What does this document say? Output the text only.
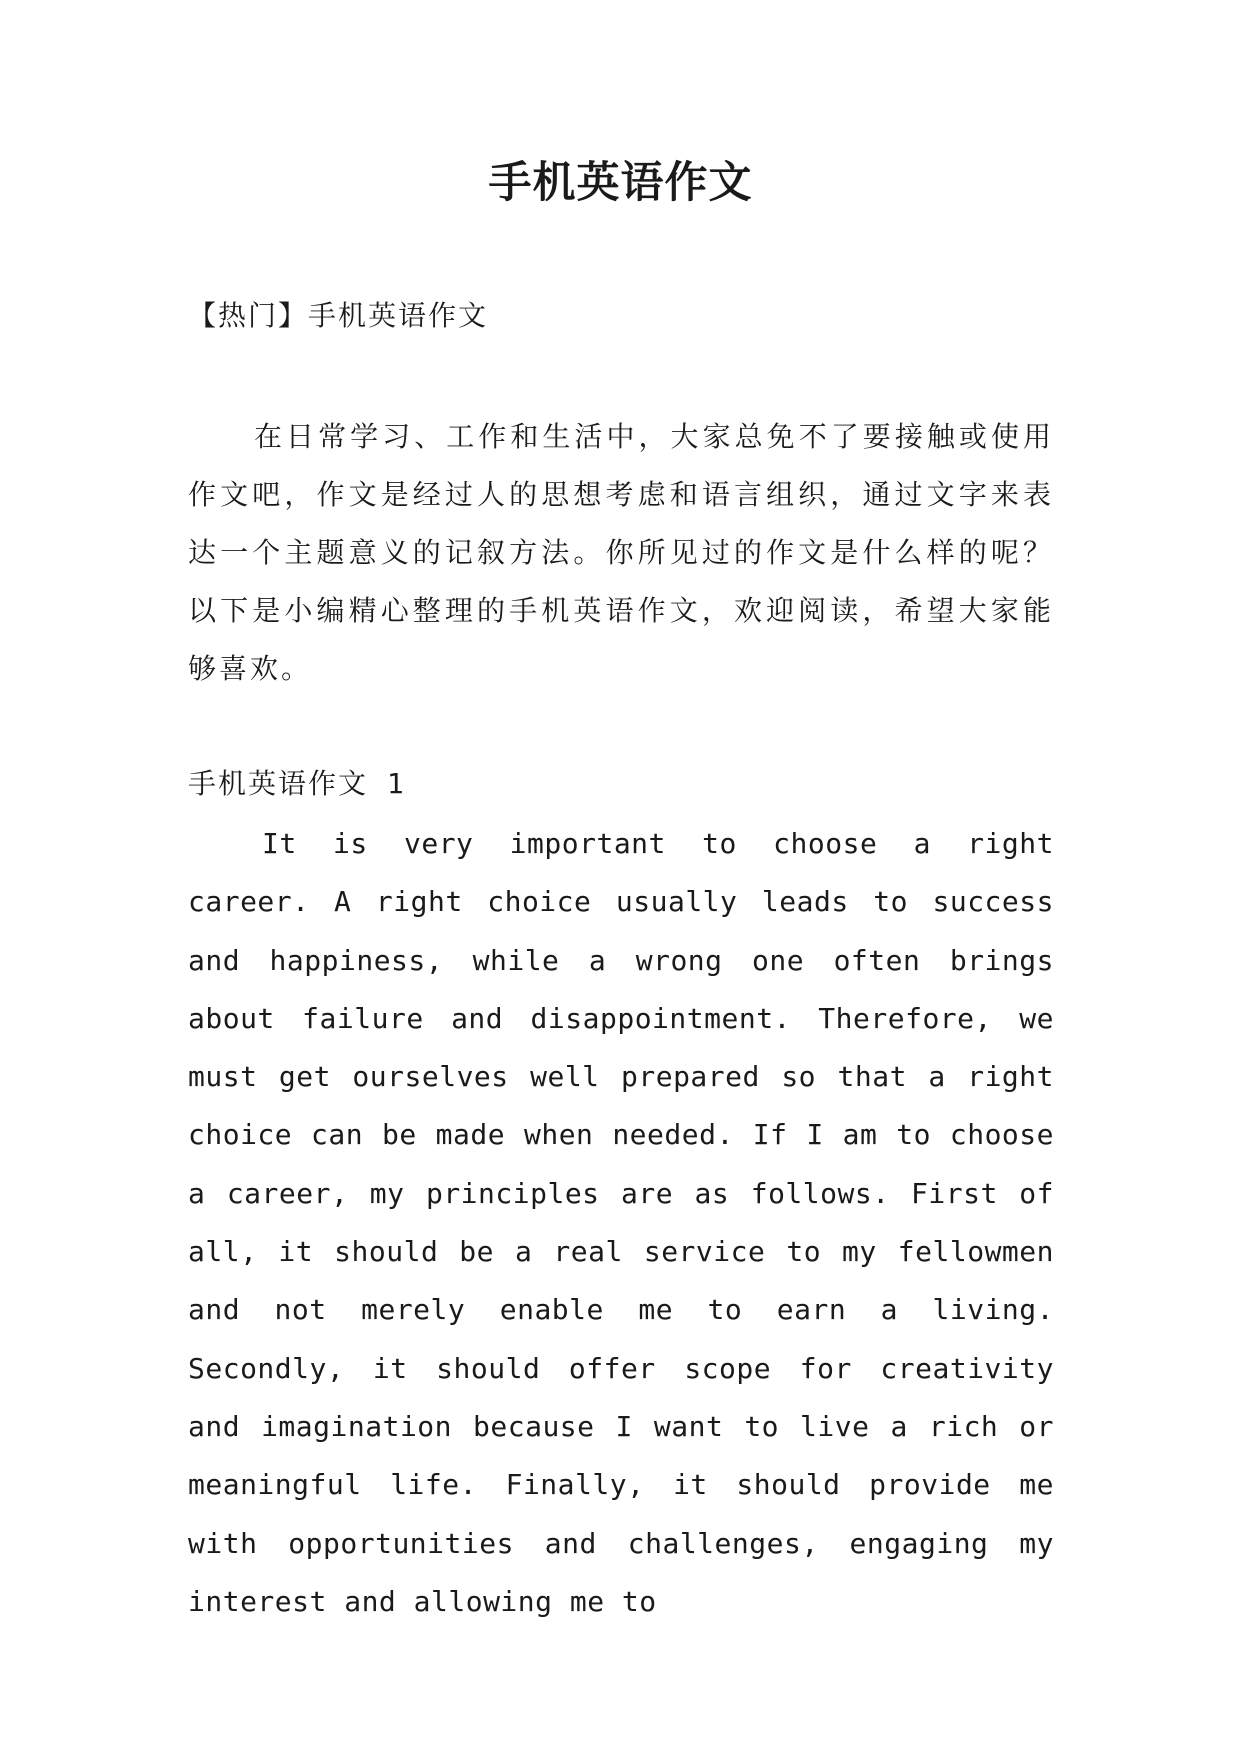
手机英语作文

【热门】手机英语作文

在日常学习、工作和生活中，大家总免不了要接触或使用作文吧，作文是经过人的思想考虑和语言组织，通过文字来表达一个主题意义的记叙方法。你所见过的作文是什么样的呢？以下是小编精心整理的手机英语作文，欢迎阅读，希望大家能够喜欢。

手机英语作文 1

It is very important to choose a right career. A right choice usually leads to success and happiness, while a wrong one often brings about failure and disappointment. Therefore, we must get ourselves well prepared so that a right choice can be made when needed. If I am to choose a career, my principles are as follows. First of all, it should be a real service to my fellowmen and not merely enable me to earn a living. Secondly, it should offer scope for creativity and imagination because I want to live a rich or meaningful life. Finally, it should provide me with opportunities and challenges, engaging my interest and allowing me to
